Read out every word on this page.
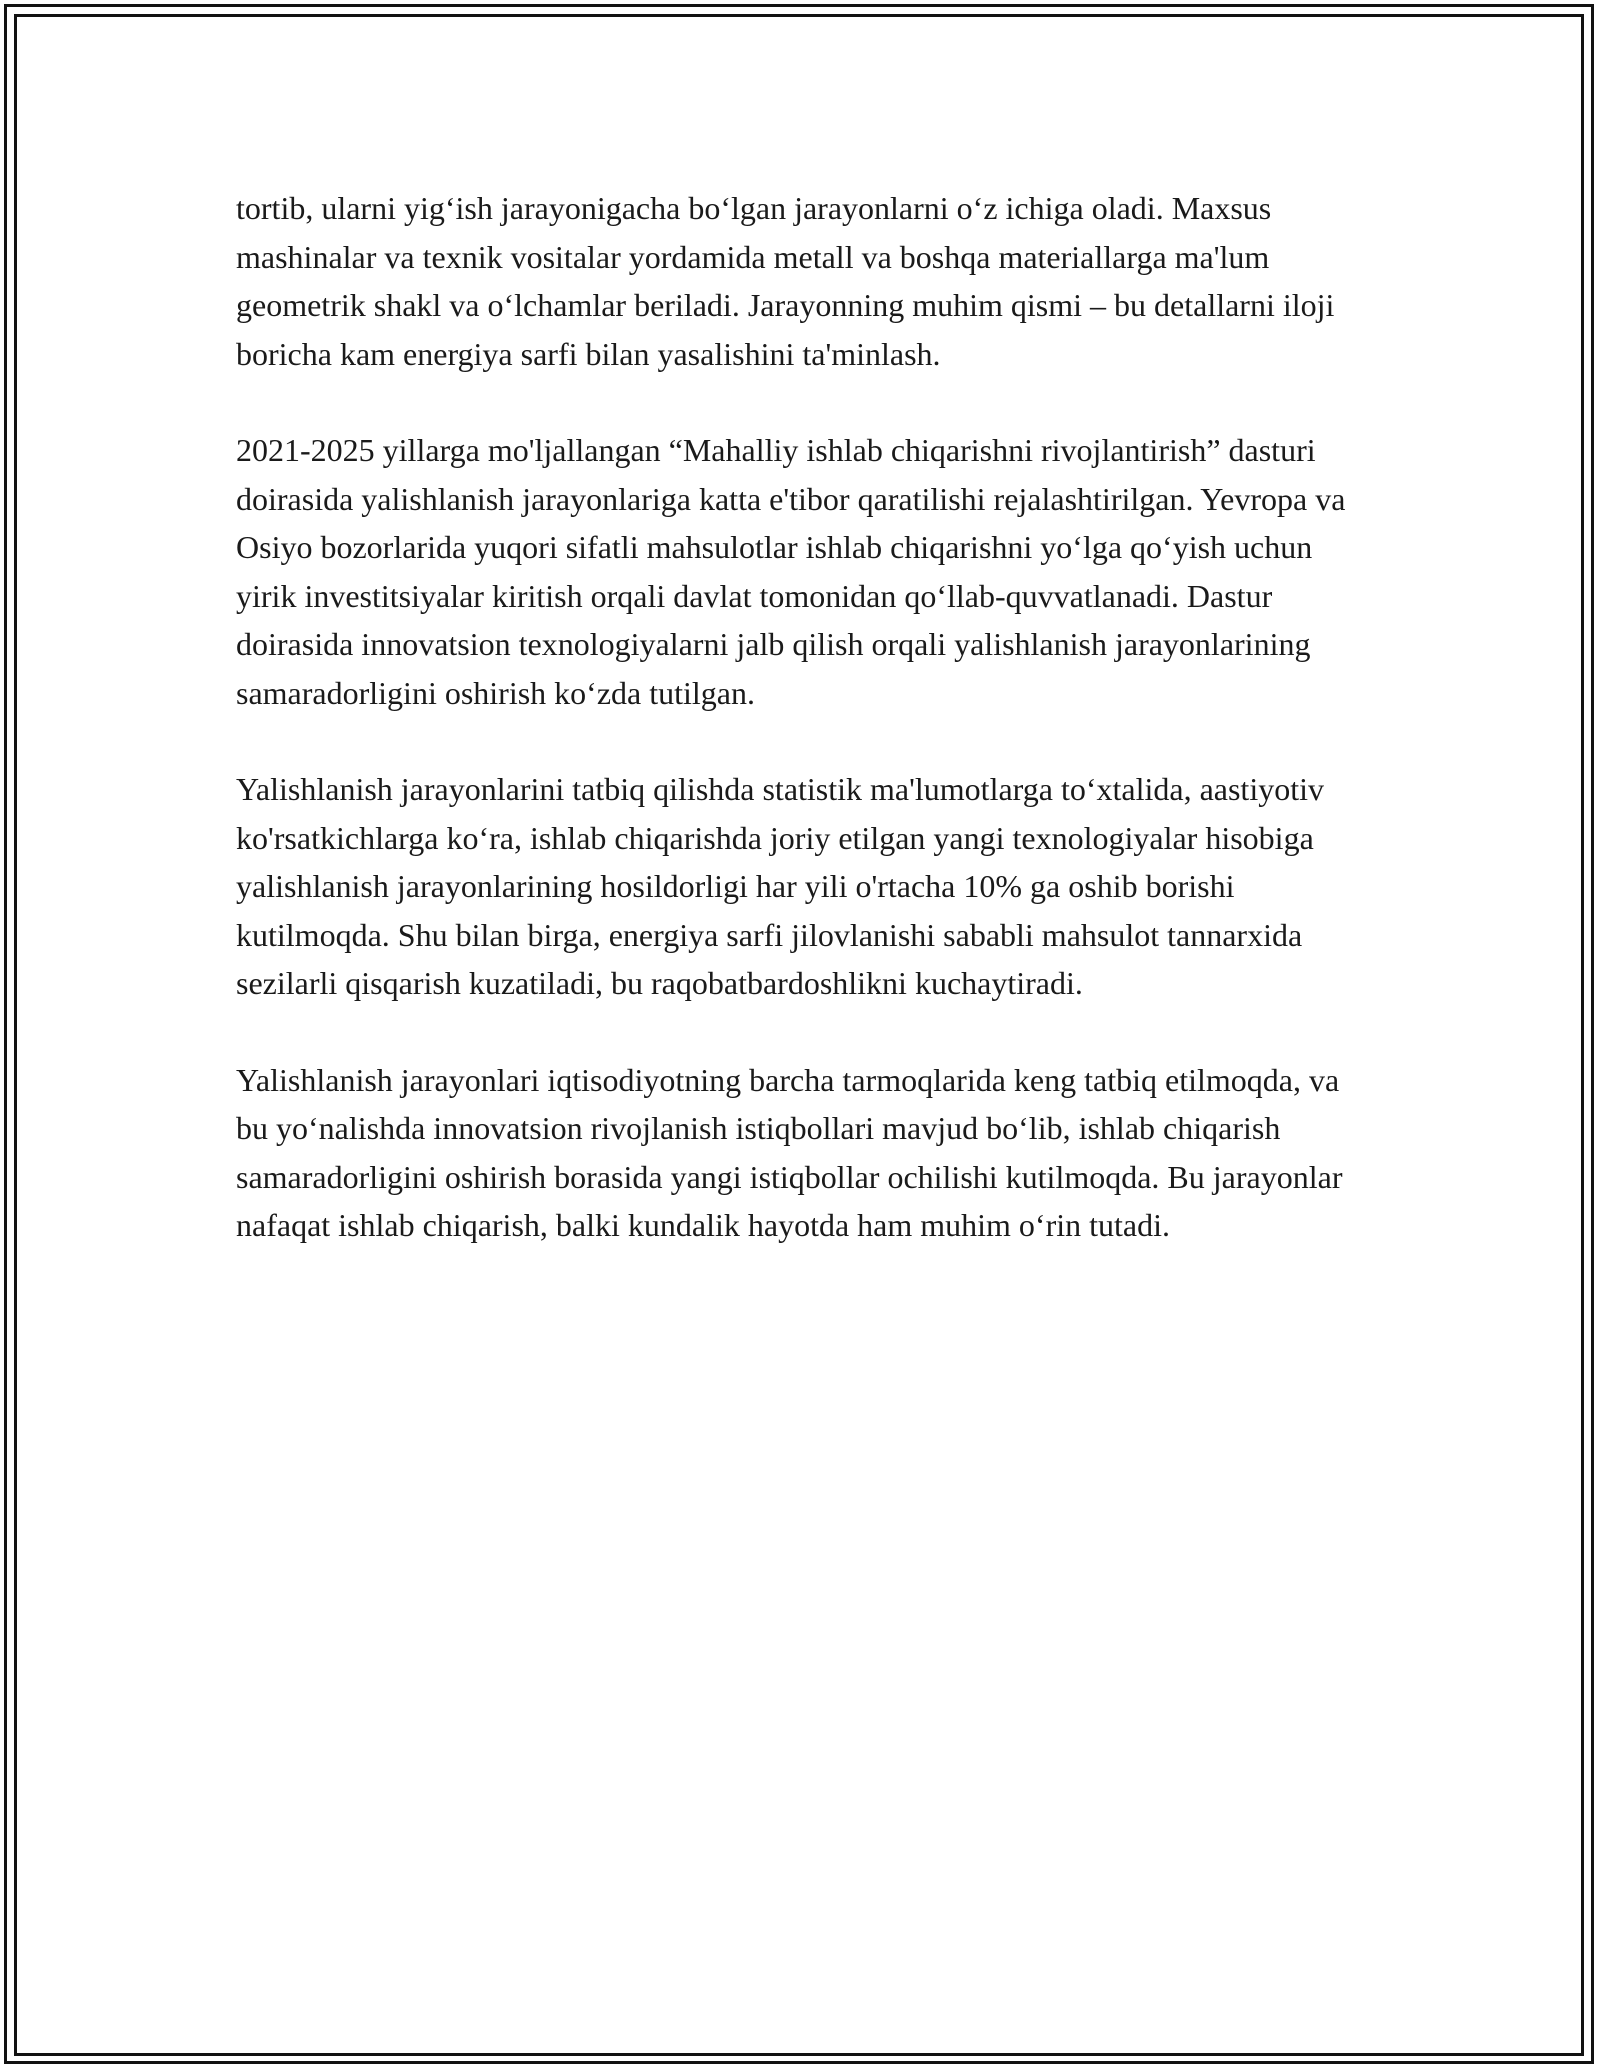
tortib, ularni yig‘ish jarayonigacha bo‘lgan jarayonlarni o‘z ichiga oladi. Maxsus mashinalar va texnik vositalar yordamida metall va boshqa materiallarga ma'lum geometrik shakl va o‘lchamlar beriladi. Jarayonning muhim qismi – bu detallarni iloji boricha kam energiya sarfi bilan yasalishini ta'minlash.

2021-2025 yillarga mo'ljallangan “Mahalliy ishlab chiqarishni rivojlantirish” dasturi doirasida yalishlanish jarayonlariga katta e'tibor qaratilishi rejalashtirilgan. Yevropa va Osiyo bozorlarida yuqori sifatli mahsulotlar ishlab chiqarishni yo‘lga qo‘yish uchun yirik investitsiyalar kiritish orqali davlat tomonidan qo‘llab-quvvatlanadi. Dastur doirasida innovatsion texnologiyalarni jalb qilish orqali yalishlanish jarayonlarining samaradorligini oshirish ko‘zda tutilgan.

Yalishlanish jarayonlarini tatbiq qilishda statistik ma'lumotlarga to‘xtalida, aastiyotiv ko'rsatkichlarga ko‘ra, ishlab chiqarishda joriy etilgan yangi texnologiyalar hisobiga yalishlanish jarayonlarining hosildorligi har yili o'rtacha 10% ga oshib borishi kutilmoqda. Shu bilan birga, energiya sarfi jilovlanishi sababli mahsulot tannarxida sezilarli qisqarish kuzatiladi, bu raqobatbardoshlikni kuchaytiradi.

Yalishlanish jarayonlari iqtisodiyotning barcha tarmoqlarida keng tatbiq etilmoqda, va bu yo‘nalishda innovatsion rivojlanish istiqbollari mavjud bo‘lib, ishlab chiqarish samaradorligini oshirish borasida yangi istiqbollar ochilishi kutilmoqda. Bu jarayonlar nafaqat ishlab chiqarish, balki kundalik hayotda ham muhim o‘rin tutadi.
